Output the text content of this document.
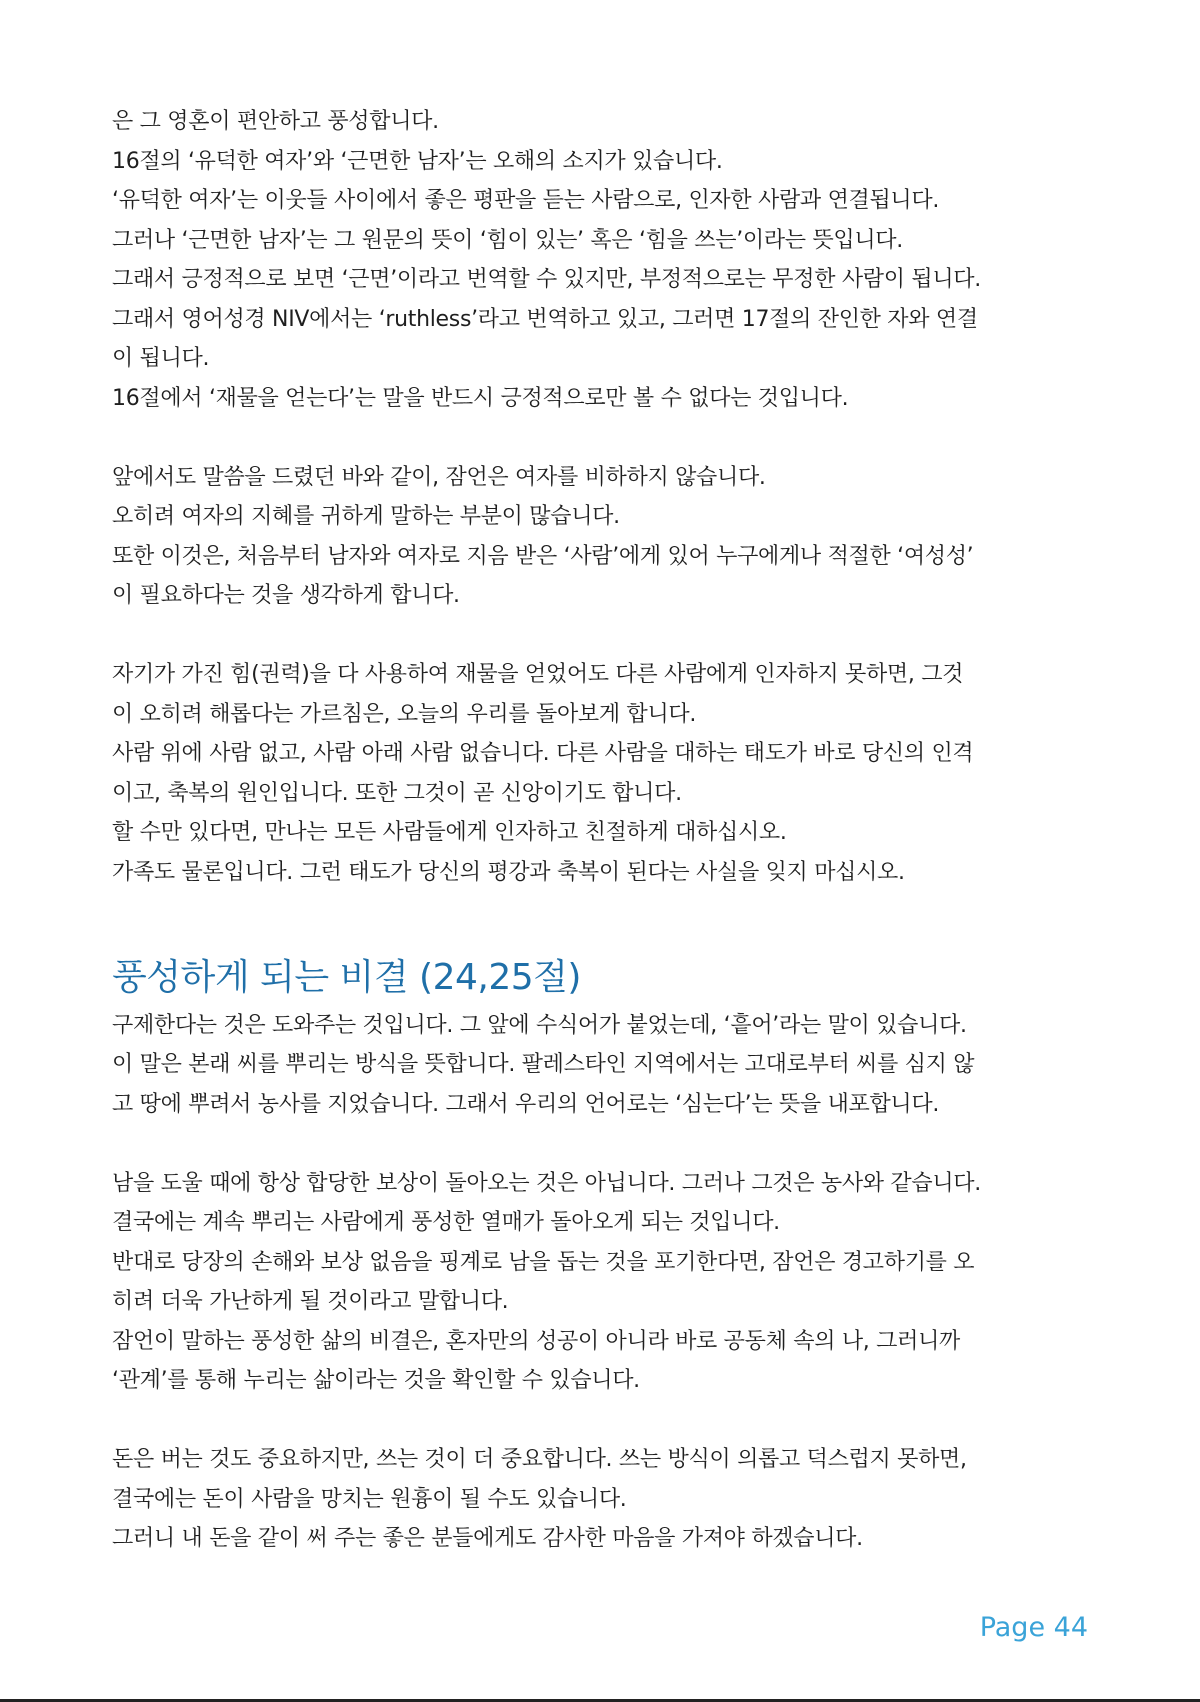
은 그 영혼이 편안하고 풍성합니다.
16절의 ‘유덕한 여자’와 ‘근면한 남자’는 오해의 소지가 있습니다.
‘유덕한 여자’는 이웃들 사이에서 좋은 평판을 듣는 사람으로, 인자한 사람과 연결됩니다.
그러나 ‘근면한 남자’는 그 원문의 뜻이 ‘힘이 있는’ 혹은 ‘힘을 쓰는’이라는 뜻입니다.
그래서 긍정적으로 보면 ‘근면’이라고 번역할 수 있지만, 부정적으로는 무정한 사람이 됩니다.
그래서 영어성경 NIV에서는 ‘ruthless’라고 번역하고 있고, 그러면 17절의 잔인한 자와 연결
이 됩니다.
16절에서 ‘재물을 얻는다’는 말을 반드시 긍정적으로만 볼 수 없다는 것입니다.
앞에서도 말씀을 드렸던 바와 같이, 잠언은 여자를 비하하지 않습니다.
오히려 여자의 지혜를 귀하게 말하는 부분이 많습니다.
또한 이것은, 처음부터 남자와 여자로 지음 받은 ‘사람’에게 있어 누구에게나 적절한 ‘여성성’
이 필요하다는 것을 생각하게 합니다.
자기가 가진 힘(권력)을 다 사용하여 재물을 얻었어도 다른 사람에게 인자하지 못하면, 그것
이 오히려 해롭다는 가르침은, 오늘의 우리를 돌아보게 합니다.
사람 위에 사람 없고, 사람 아래 사람 없습니다. 다른 사람을 대하는 태도가 바로 당신의 인격
이고, 축복의 원인입니다. 또한 그것이 곧 신앙이기도 합니다.
할 수만 있다면, 만나는 모든 사람들에게 인자하고 친절하게 대하십시오.
가족도 물론입니다. 그런 태도가 당신의 평강과 축복이 된다는 사실을 잊지 마십시오.
풍성하게 되는 비결 (24,25절)
구제한다는 것은 도와주는 것입니다. 그 앞에 수식어가 붙었는데, ‘흩어’라는 말이 있습니다.
이 말은 본래 씨를 뿌리는 방식을 뜻합니다. 팔레스타인 지역에서는 고대로부터 씨를 심지 않
고 땅에 뿌려서 농사를 지었습니다. 그래서 우리의 언어로는 ‘심는다’는 뜻을 내포합니다.
남을 도울 때에 항상 합당한 보상이 돌아오는 것은 아닙니다. 그러나 그것은 농사와 같습니다.
결국에는 계속 뿌리는 사람에게 풍성한 열매가 돌아오게 되는 것입니다.
반대로 당장의 손해와 보상 없음을 핑계로 남을 돕는 것을 포기한다면, 잠언은 경고하기를 오
히려 더욱 가난하게 될 것이라고 말합니다.
잠언이 말하는 풍성한 삶의 비결은, 혼자만의 성공이 아니라 바로 공동체 속의 나, 그러니까
‘관계’를 통해 누리는 삶이라는 것을 확인할 수 있습니다.
돈은 버는 것도 중요하지만, 쓰는 것이 더 중요합니다. 쓰는 방식이 의롭고 덕스럽지 못하면,
결국에는 돈이 사람을 망치는 원흉이 될 수도 있습니다.
그러니 내 돈을 같이 써 주는 좋은 분들에게도 감사한 마음을 가져야 하겠습니다.
Page 44
